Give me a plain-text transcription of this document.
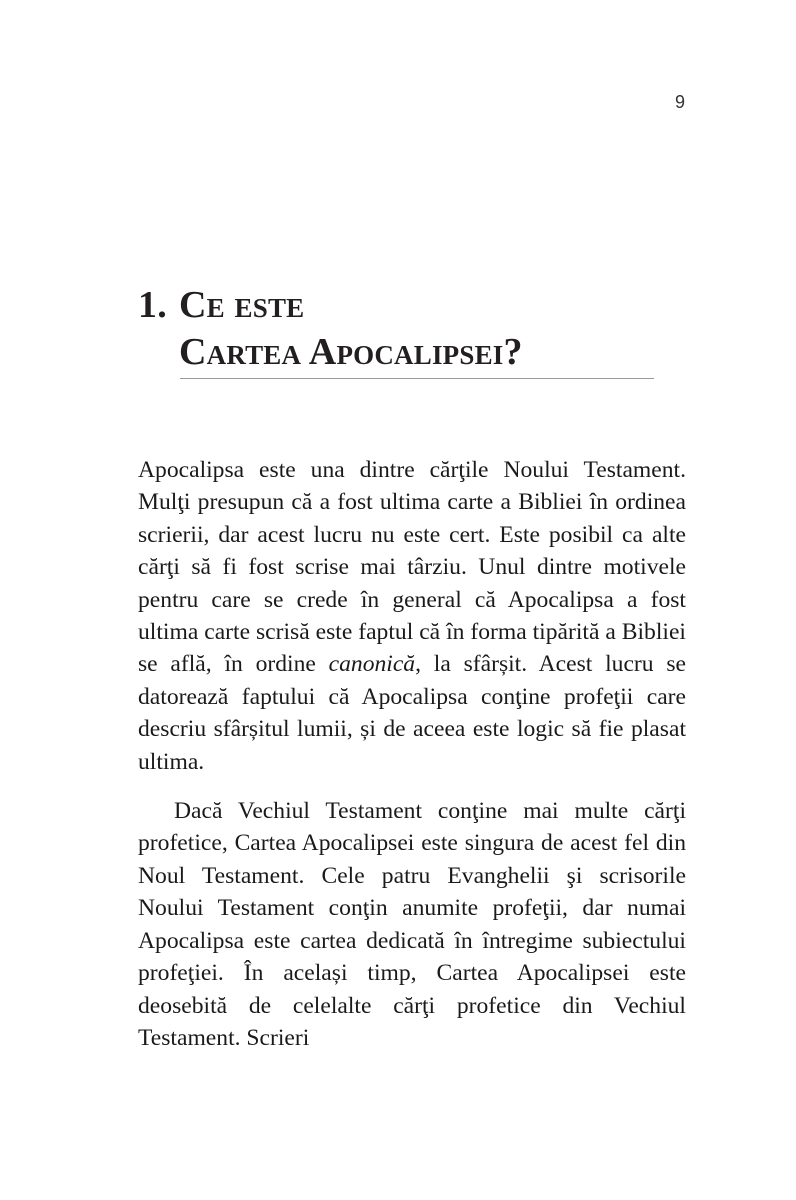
9
1. Ce este
Cartea Apocalipsei?

Apocalipsa este una dintre cărţile Noului Testament. Mulţi presupun că a fost ultima carte a Bibliei în ordinea scrierii, dar acest lucru nu este cert. Este posibil ca alte cărţi să fi fost scrise mai târziu. Unul dintre motivele pentru care se crede în general că Apocalipsa a fost ultima carte scrisă este faptul că în forma tipărită a Bibliei se află, în ordine canonică, la sfârșit. Acest lucru se datorează faptului că Apocalipsa conţine profeţii care descriu sfârșitul lumii, și de aceea este logic să fie plasat ultima.

Dacă Vechiul Testament conţine mai multe cărţi profetice, Cartea Apocalipsei este singura de acest fel din Noul Testament. Cele patru Evanghelii şi scrisorile Noului Testament conţin anumite profeţii, dar numai Apocalipsa este cartea dedicată în întregime subiectului profeţiei. În același timp, Cartea Apocalipsei este deosebită de celelalte cărţi profetice din Vechiul Testament. Scrieri
